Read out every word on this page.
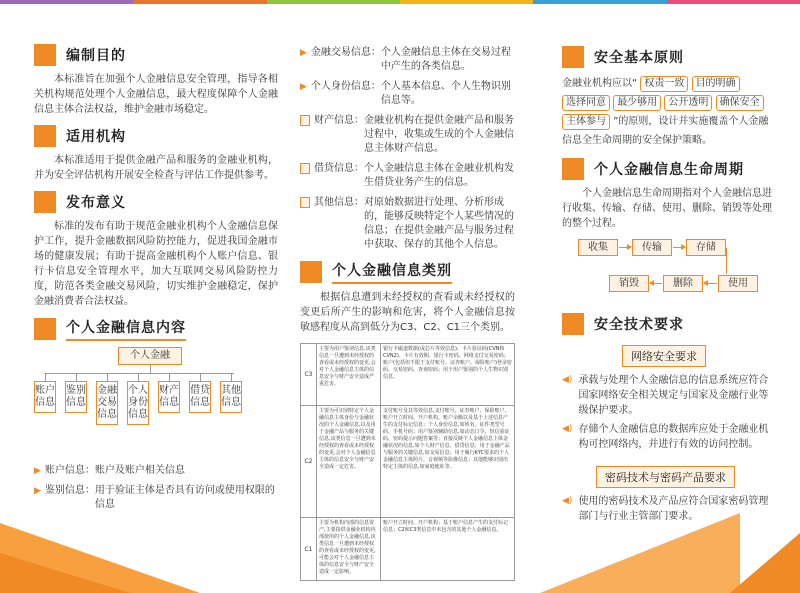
编制目的
本标准旨在加强个人金融信息安全管理，指导各相关机构规范处理个人金融信息，最大程度保障个人金融信息主体合法权益，维护金融市场稳定。
适用机构
本标准适用于提供金融产品和服务的金融业机构，并为安全评估机构开展安全检查与评估工作提供参考。
发布意义
标准的发布有助于规范金融业机构个人金融信息保护工作，提升金融数据风险防控能力，促进我国金融市场的健康发展；有助于提高金融机构个人账户信息、银行卡信息安全管理水平，加大互联网交易风险防控力度，防范各类金融交易风险，切实维护金融稳定，保护金融消费者合法权益。
个人金融信息内容
个人金融
账户信息
鉴别信息
金融交易信息
个人身份信息
财产信息
借贷信息
其他信息
▶ 账户信息： 账户及账户相关信息
▶ 鉴别信息： 用于验证主体是否具有访问或使用权限的信息
▶ 金融交易信息： 个人金融信息主体在交易过程中产生的各类信息。
▶ 个人身份信息： 个人基本信息、个人生物识别信息等。
财产信息： 金融业机构在提供金融产品和服务过程中，收集或生成的个人金融信息主体财产信息。
借贷信息： 个人金融信息主体在金融业机构发生借贷业务产生的信息。
其他信息： 对原始数据进行处理、分析形成的，能够反映特定个人某些情况的信息；在提供金融产品与服务过程中获取、保存的其他个人信息。
个人金融信息类别
根据信息遭到未经授权的查看或未经授权的变更后所产生的影响和危害，将个人金融信息按敏感程度从高到低分为C3、C2、C1三个类别。
C3
主要为用户鉴别信息,该类信息一旦遭到未经授权的查看或未经授权的变更,会对个人金融信息主体的信息安全与财产安全造成严重危害。
银行卡磁道数据(或芯片等效信息)、卡片验证码(CVN和CVN2)、卡片有效期、银行卡密码、网络支付交易密码；账户(包括但不限于支付账号、证券账户、保险账户)登录密码、交易密码、查询密码；用于用户鉴别的个人生物识别信息。
C2
主要为可识别特定个人金融信息主体身份与金融状况的个人金融信息,以及用于金融产品与服务的关键信息,该类信息一旦遭到未经授权的查看或未经授权的变更,会对个人金融信息主体的信息安全与财产安全造成一定危害。
支付账号及其等效信息,支付账号、证券账户、保险账户、账户开立时间、开户机构、账户余额以及基于上述信息产生的支付标记信息；个人身份信息,如姓名、证件类型号码、手机号码；用户鉴别辅助信息,如动态口令、短信验证码、密码提示问题答案等；直接反映个人金融信息主体金融状况的信息,如个人财产信息、借贷信息；用于金融产品与服务的关键信息,如交易信息；用于履行KYC要求的个人金融信息主体照片、音视频等影像信息；其他能够识别出特定主体的信息,如家庭地址等。
C1
主要为机构内部的信息资产,主要指供金融业机构内部使用的个人金融信息,该类信息一旦遭到未经授权的查看或未经授权的变更,可能会对个人金融信息主体的信息安全与财产安全造成一定影响。
账户开立时间、开户机构；基于账户信息产生的支付标记信息；C2和C3类信息中未包含的其他个人金融信息。
安全基本原则
金融业机构应以“ 权责一致 目的明确 选择同意 最少够用 公开透明 确保安全 主体参与 ”的原则，设计并实施覆盖个人金融信息全生命周期的安全保护策略。
个人金融信息生命周期
个人金融信息生命周期指对个人金融信息进行收集、传输、存储、使用、删除、销毁等处理的整个过程。
收集	传输	存储
使用
删除
销毁
安全技术要求
网络安全要求
◀) 承载与处理个人金融信息的信息系统应符合国家网络安全相关规定与国家及金融行业等级保护要求。
◀) 存储个人金融信息的数据库应处于金融业机构可控网络内，并进行有效的访问控制。
密码技术与密码产品要求
◀) 使用的密码技术及产品应符合国家密码管理部门与行业主管部门要求。
